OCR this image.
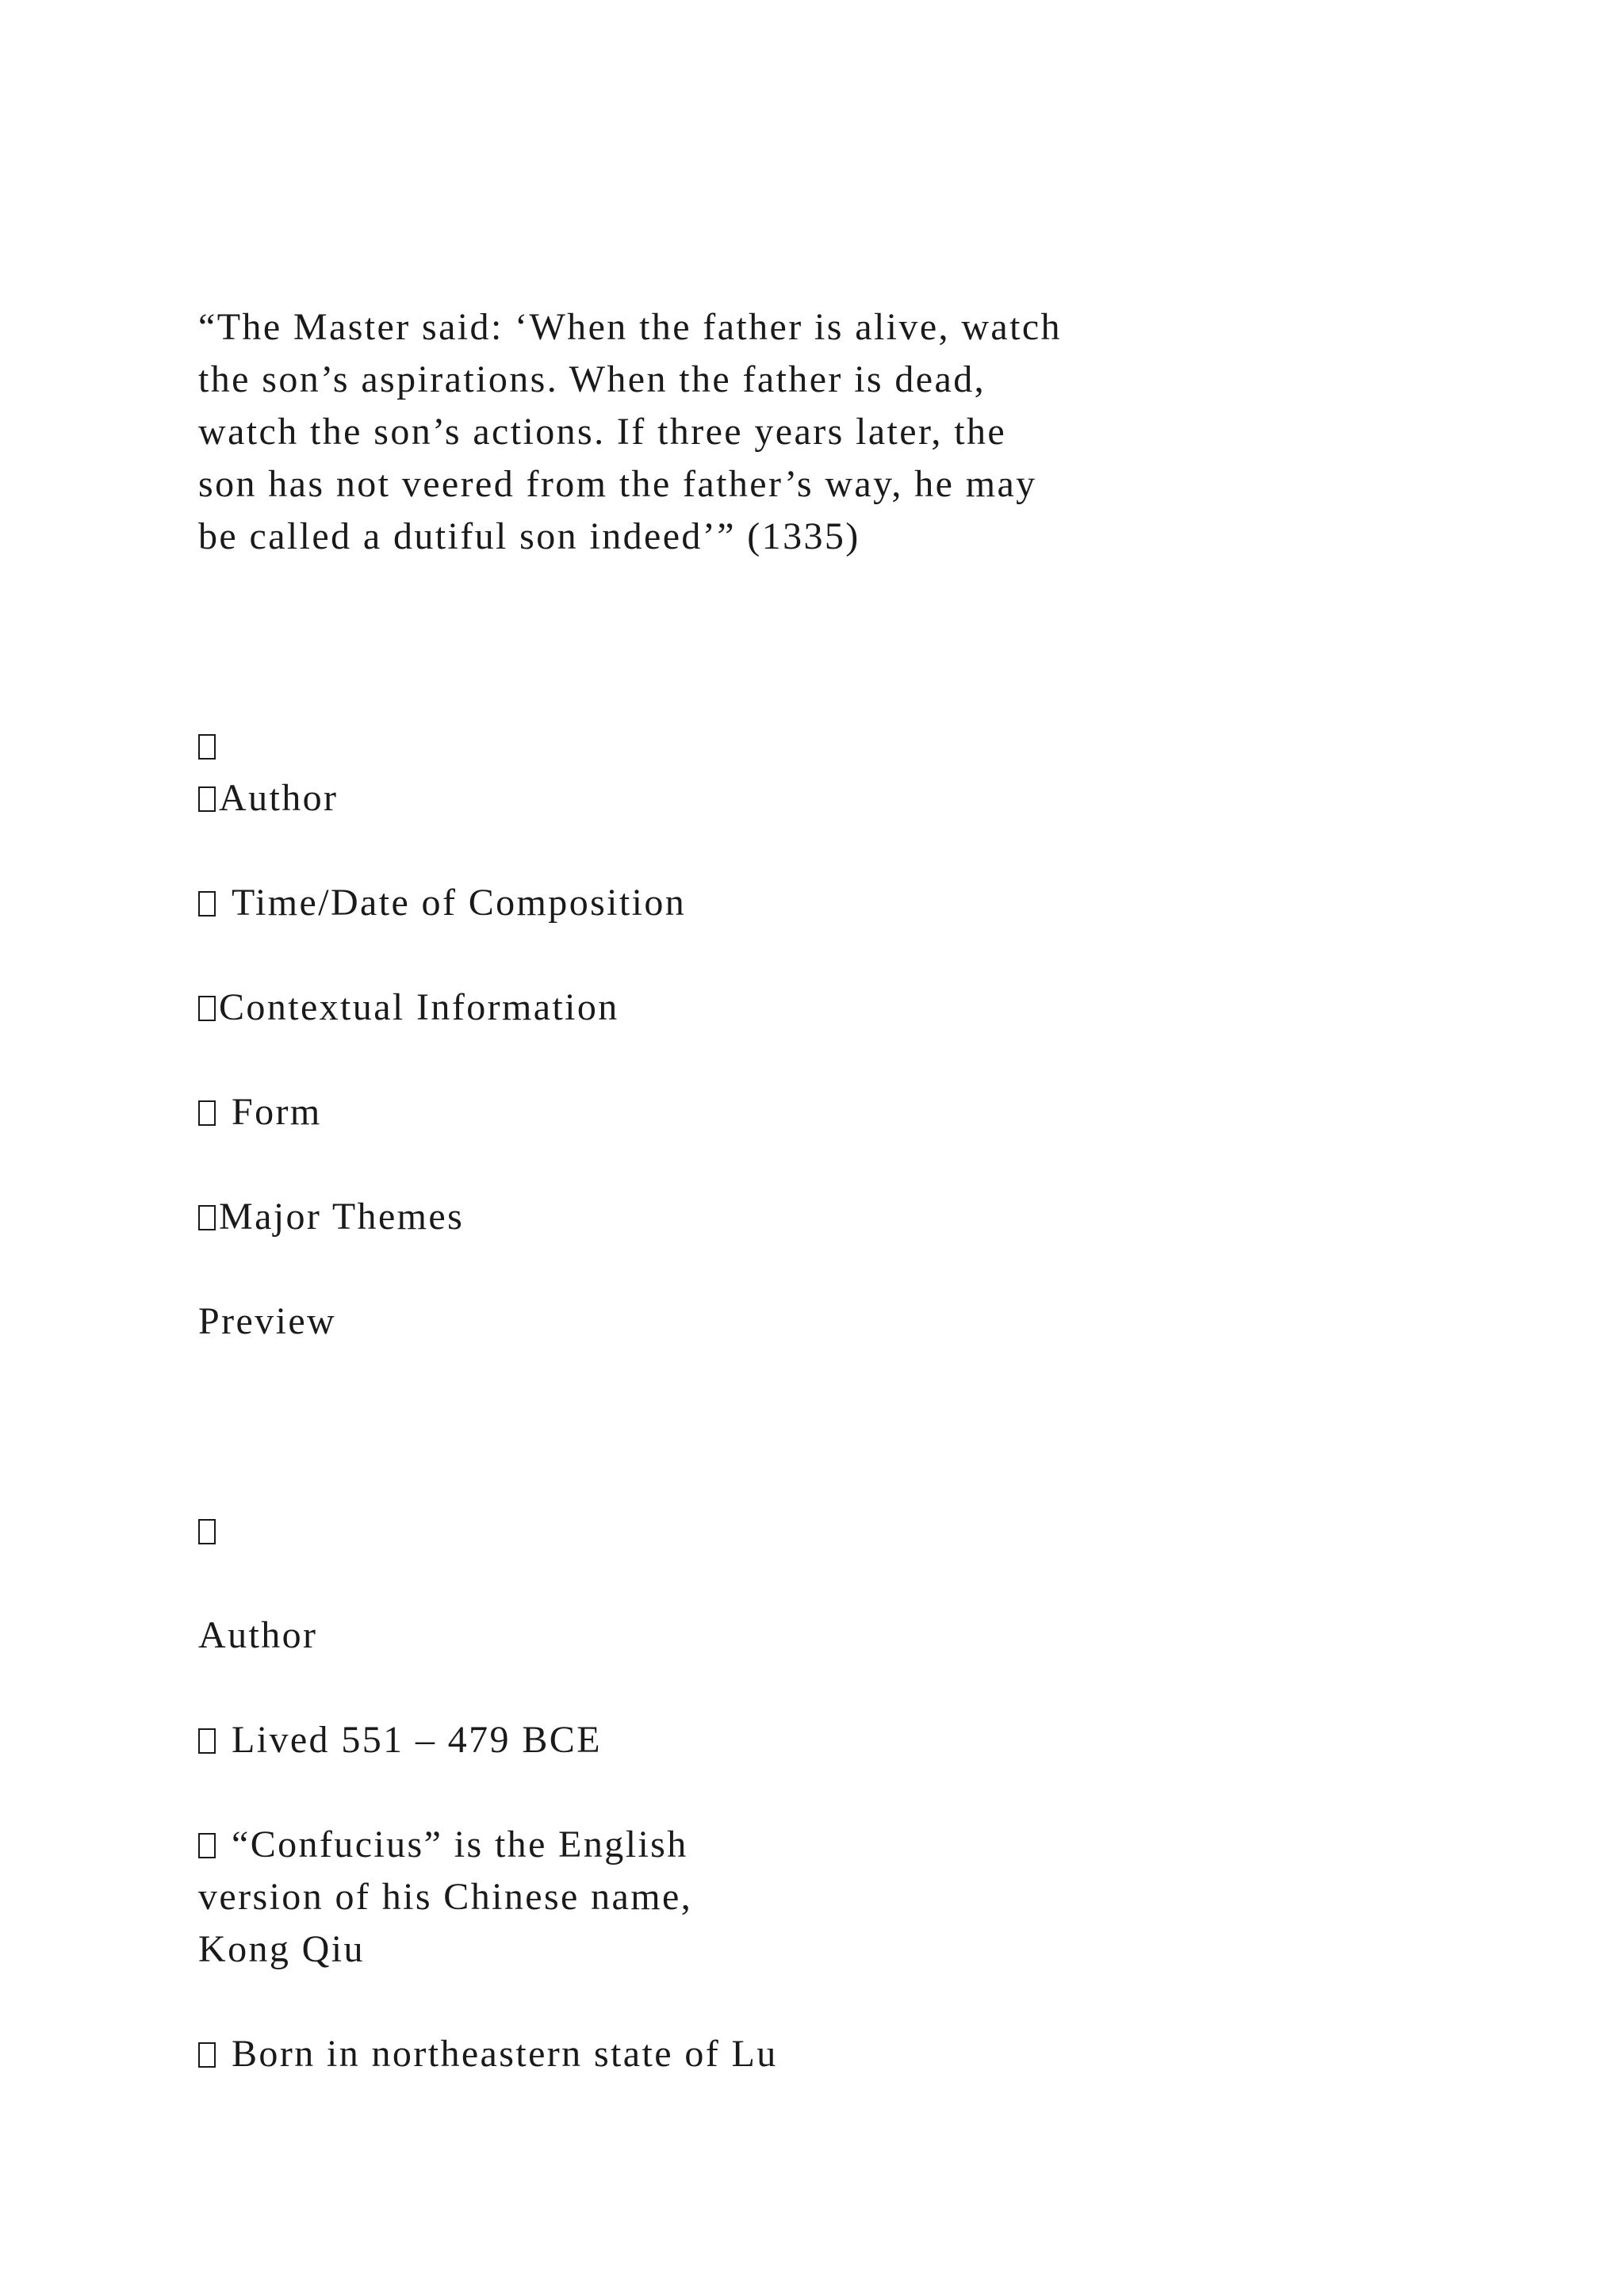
“The Master said: ‘When the father is alive, watch
the son’s aspirations. When the father is dead,
watch the son’s actions. If three years later, the
son has not veered from the father’s way, he may
be called a dutiful son indeed’” (1335)
Author
Time/Date of Composition
Contextual Information
Form
Major Themes
Preview
Author
Lived 551 – 479 BCE
“Confucius” is the English
version of his Chinese name,
Kong Qiu
Born in northeastern state of Lu
